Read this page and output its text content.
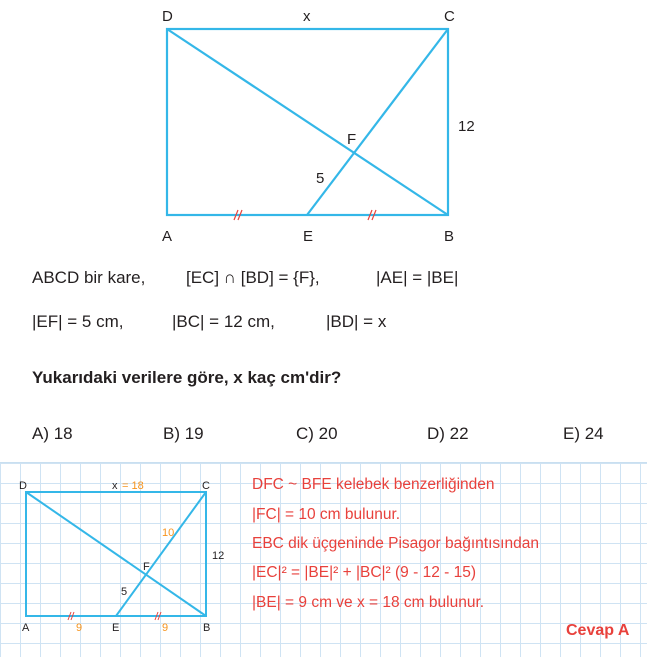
D	x	C
12
F
5
A	E	B
ABCD bir kare, [EC] ∩ [BD] = {F},	|AE| = |BE|
|EF| = 5 cm,	|BC| = 12 cm,	|BD| = x
Yukarıdaki verilere göre, x kaç cm'dir?
A) 18	B) 19	C) 20	D) 22	E) 24
D	x = 18	C
10
12
F
5
A	9	E	9	B
DFC ~ BFE kelebek benzerliğinden
|FC| = 10 cm bulunur.
EBC dik üçgeninde Pisagor bağıntısından
|EC|² = |BE|² + |BC|² (9 - 12 - 15)
|BE| = 9 cm ve x = 18 cm bulunur.
Cevap A
